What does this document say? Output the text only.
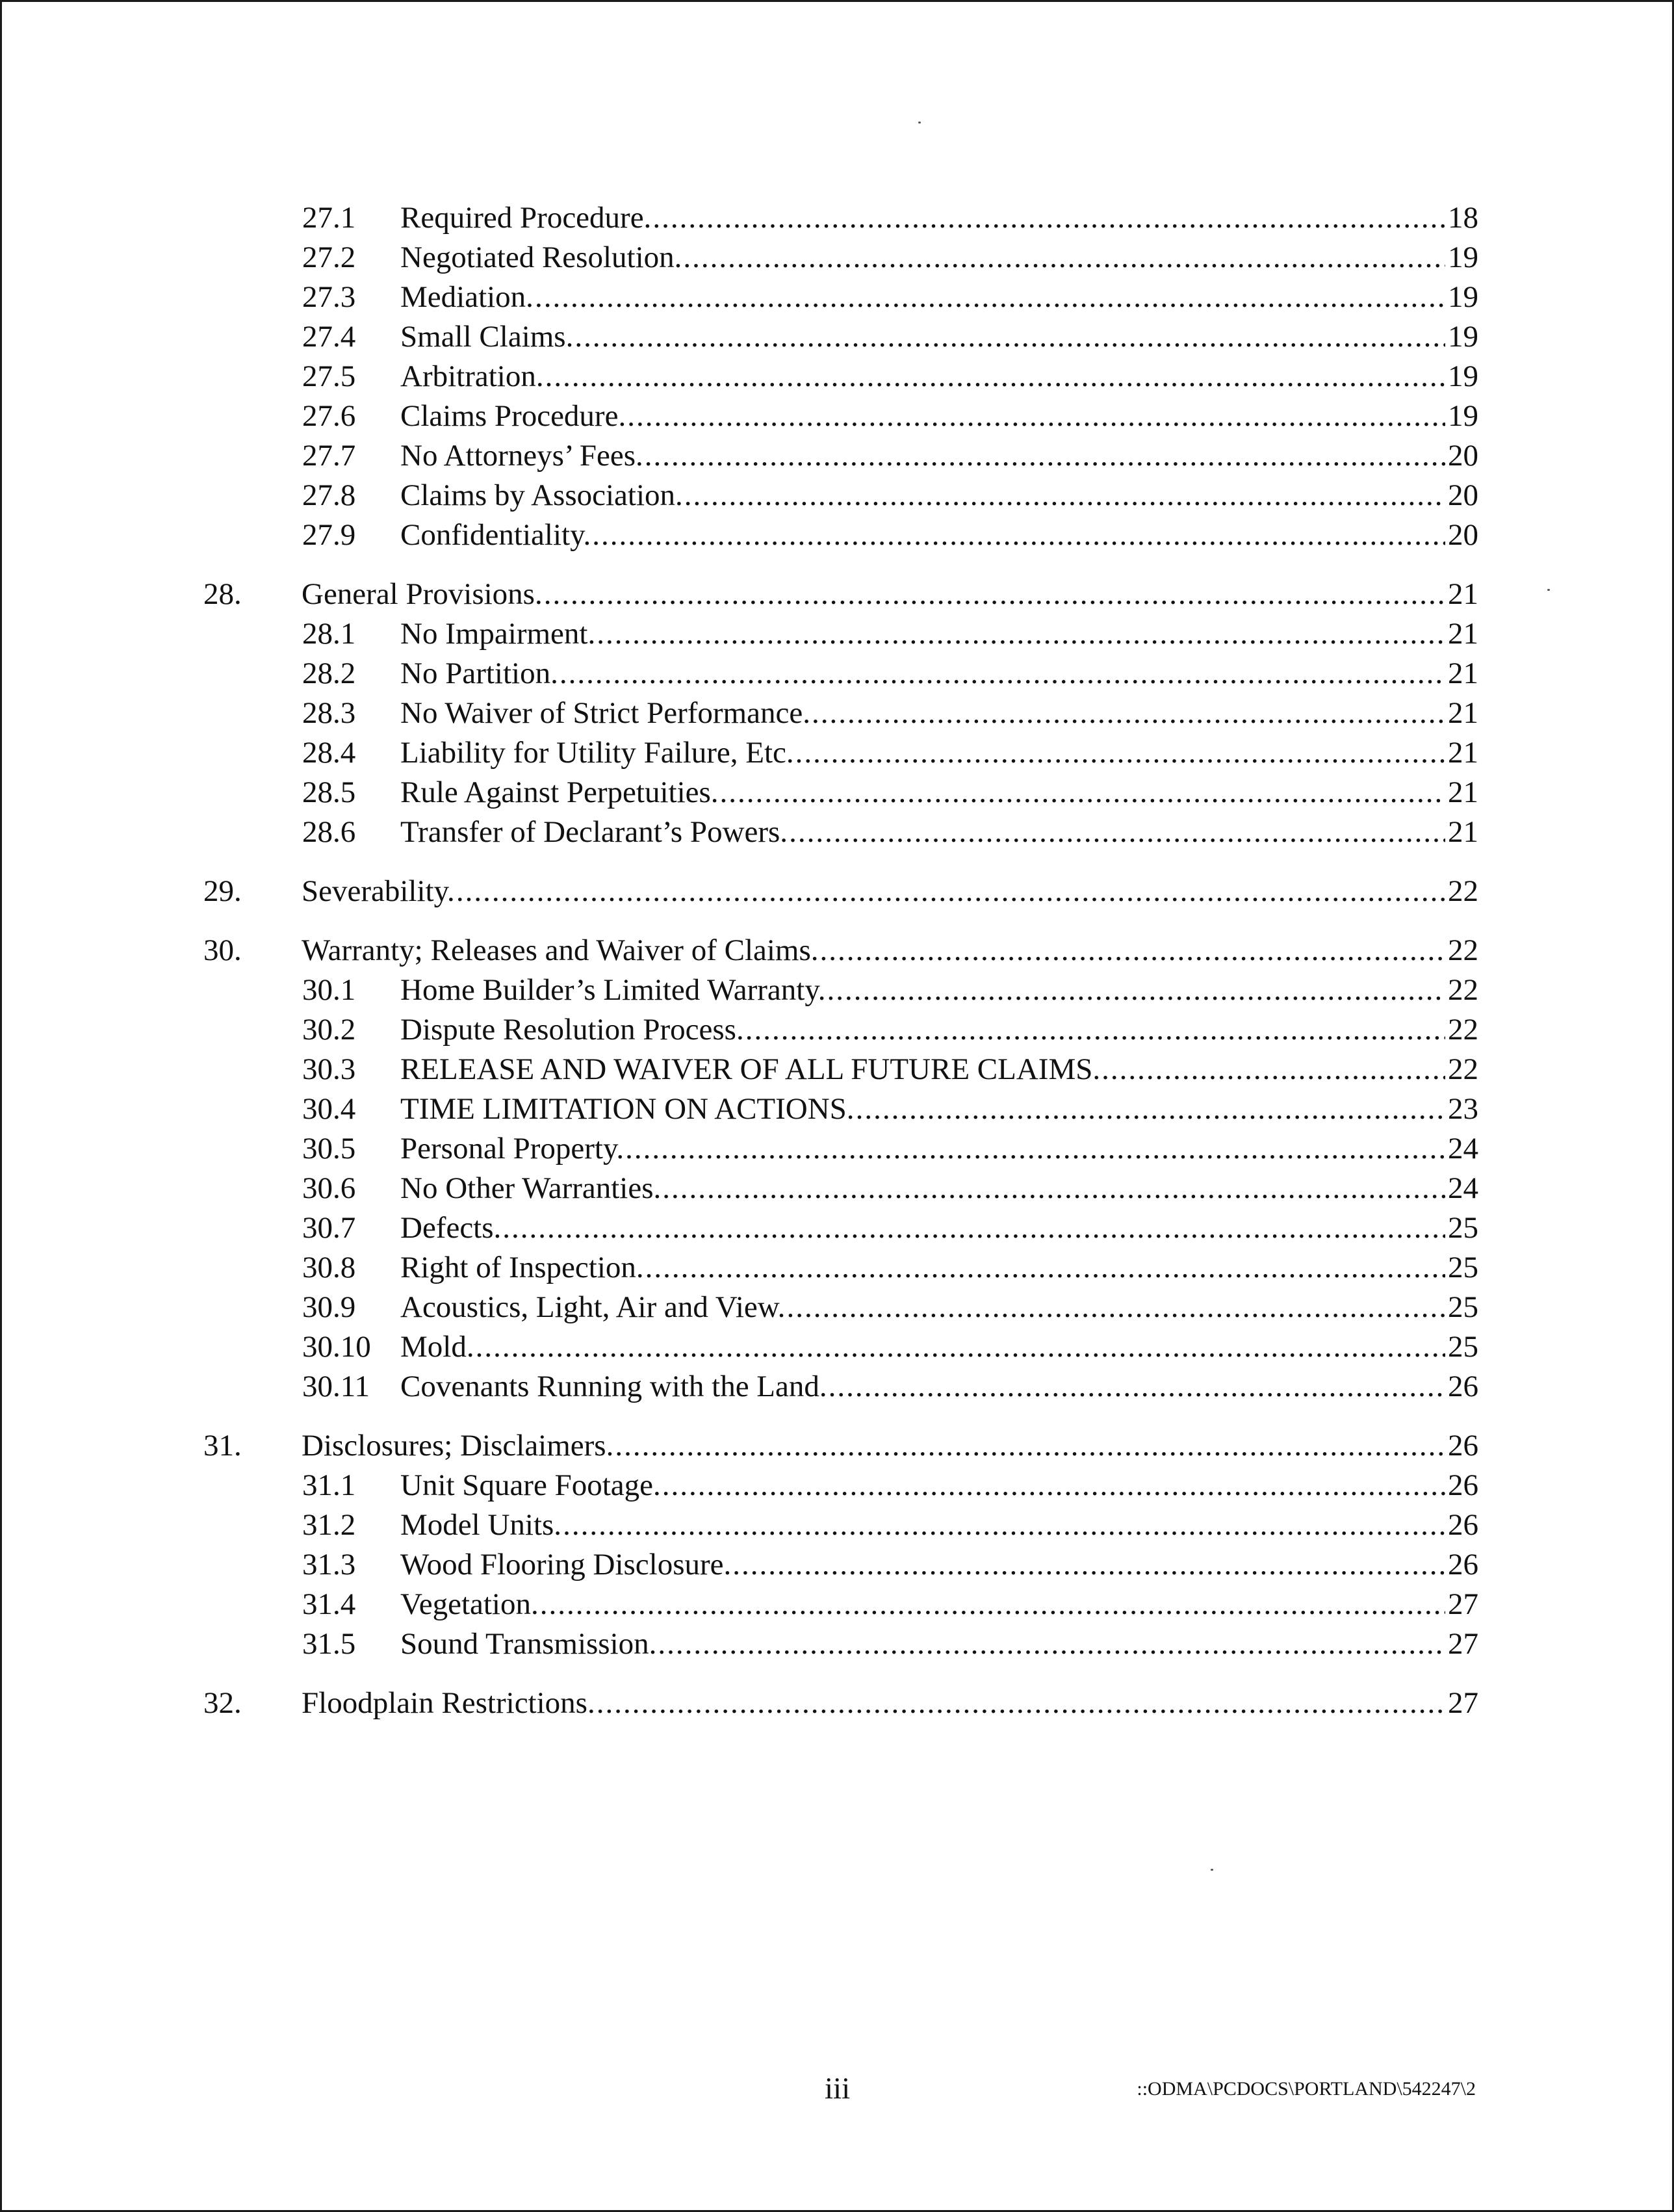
27.1 Required Procedure. .....	18
27.2 Negotiated Resolution. .....	19
27.3 Mediation. .....	19
27.4 Small Claims. .....	19
27.5 Arbitration. .....	19
27.6 Claims Procedure. .....	19
27.7 No Attorneys’ Fees. .....	20
27.8 Claims by Association. .....	20
27.9 Confidentiality. .....	20
28. General Provisions. .....	21
28.1 No Impairment. .....	21
28.2 No Partition. .....	21
28.3 No Waiver of Strict Performance. .....	21
28.4 Liability for Utility Failure, Etc. .....	21
28.5 Rule Against Perpetuities. .....	21
28.6 Transfer of Declarant’s Powers. .....	21
29. Severability. .....	22
30. Warranty; Releases and Waiver of Claims. .....	22
30.1 Home Builder’s Limited Warranty. .....	22
30.2 Dispute Resolution Process. .....	22
30.3 RELEASE AND WAIVER OF ALL FUTURE CLAIMS. .....	22
30.4 TIME LIMITATION ON ACTIONS. .....	23
30.5 Personal Property. .....	24
30.6 No Other Warranties. .....	24
30.7 Defects. .....	25
30.8 Right of Inspection. .....	25
30.9 Acoustics, Light, Air and View. .....	25
30.10 Mold. .....	25
30.11 Covenants Running with the Land. .....	26
31. Disclosures; Disclaimers. .....	26
31.1 Unit Square Footage. .....	26
31.2 Model Units. .....	26
31.3 Wood Flooring Disclosure. .....	26
31.4 Vegetation. .....	27
31.5 Sound Transmission. .....	27
32. Floodplain Restrictions. .....	27
iii	::ODMA\PCDOCS\PORTLAND\542247\2
